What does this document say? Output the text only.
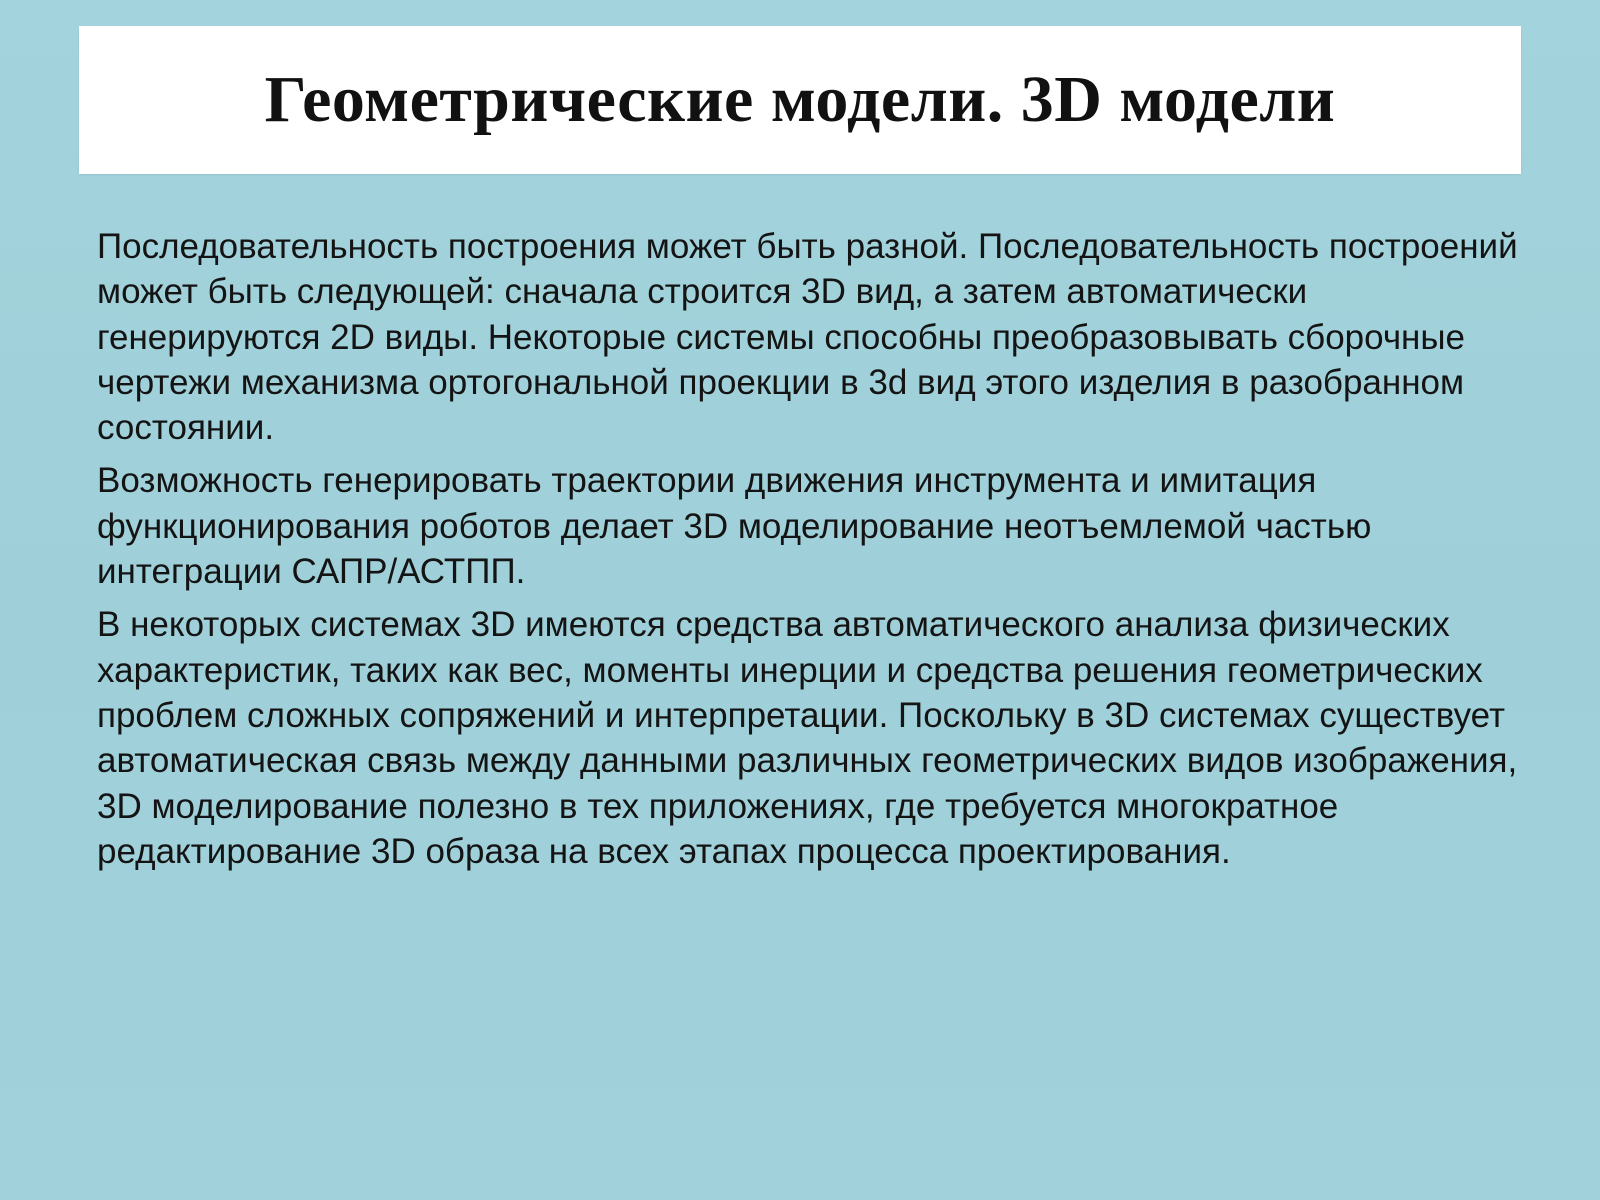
Геометрические модели. 3D модели

Последовательность построения может быть разной. Последовательность построений может быть следующей: сначала строится 3D вид, а затем автоматически генерируются 2D виды. Некоторые системы способны преобразовывать сборочные чертежи механизма ортогональной проекции в 3d вид этого изделия в разобранном состоянии.

Возможность генерировать траектории движения инструмента и имитация функционирования роботов делает 3D моделирование неотъемлемой частью интеграции САПР/АСТПП.

В некоторых системах 3D имеются средства автоматического анализа физических характеристик, таких как вес, моменты инерции и средства решения геометрических проблем сложных сопряжений и интерпретации. Поскольку в 3D системах существует автоматическая связь между данными различных геометрических видов изображения, 3D моделирование полезно в тех приложениях, где требуется многократное редактирование 3D образа на всех этапах процесса проектирования.
